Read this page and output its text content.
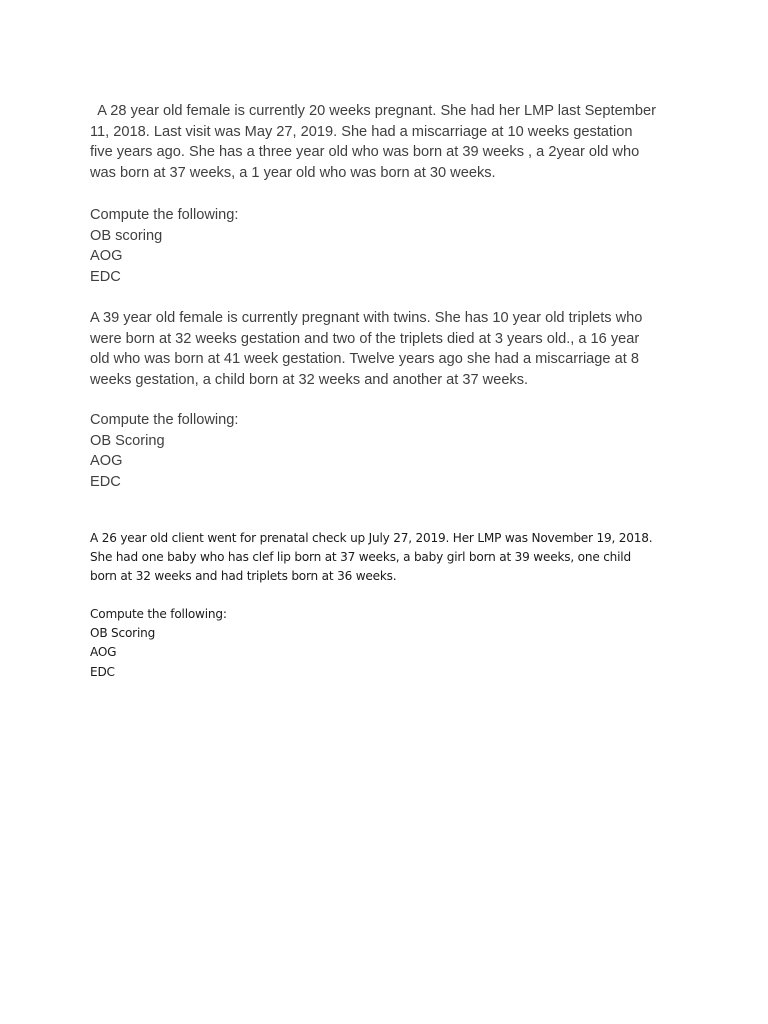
A 28 year old female is currently 20 weeks pregnant. She had her LMP last September
11, 2018. Last visit was May 27, 2019. She had a miscarriage at 10 weeks gestation
five years ago. She has a three year old who was born at 39 weeks , a 2year old who
was born at 37 weeks, a 1 year old who was born at 30 weeks.
Compute the following:
OB scoring
AOG
EDC
A 39 year old female is currently pregnant with twins. She has 10 year old triplets who
were born at 32 weeks gestation and two of the triplets died at 3 years old., a 16 year
old who was born at 41 week gestation. Twelve years ago she had a miscarriage at 8
weeks gestation, a child born at 32 weeks and another at 37 weeks.
Compute the following:
OB Scoring
AOG
EDC
A 26 year old client went for prenatal check up July 27, 2019. Her LMP was November 19, 2018.
She had one baby who has clef lip born at 37 weeks, a baby girl born at 39 weeks, one child
born at 32 weeks and had triplets born at 36 weeks.
Compute the following:
OB Scoring
AOG
EDC
